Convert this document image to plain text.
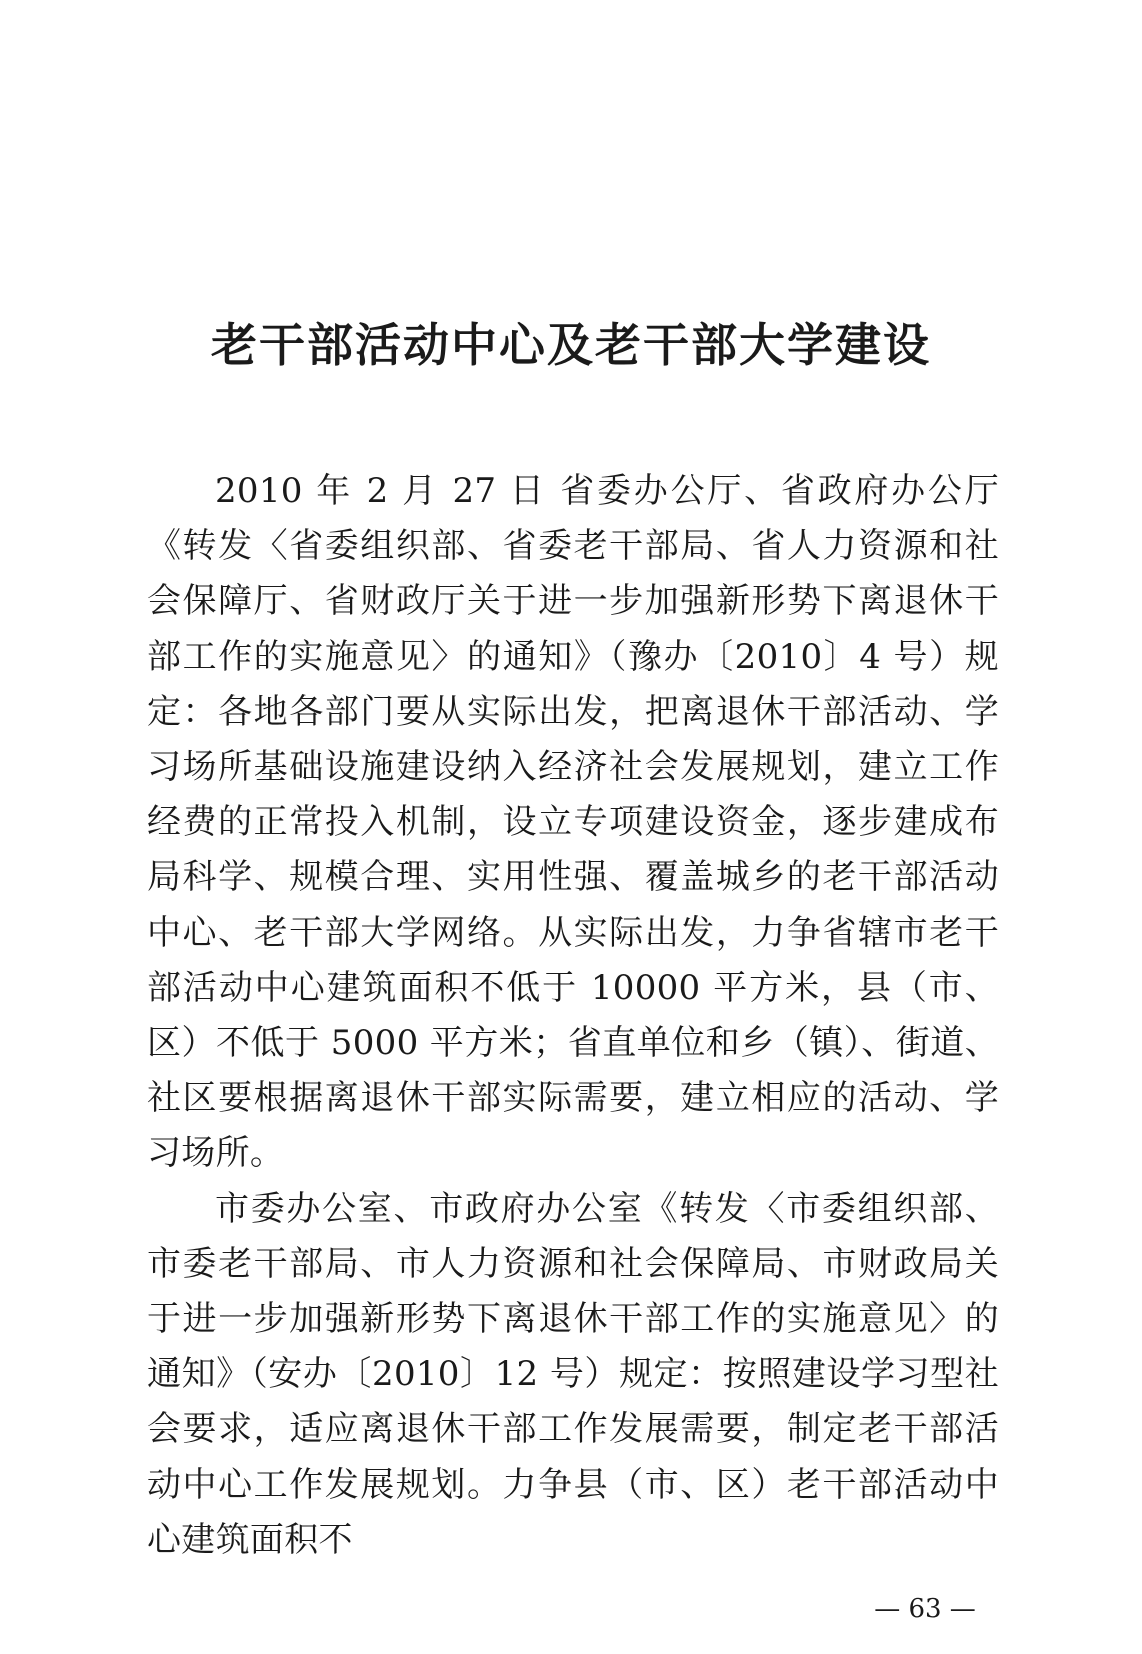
老干部活动中心及老干部大学建设

2010 年 2 月 27 日 省委办公厅、省政府办公厅《转发〈省委组织部、省委老干部局、省人力资源和社会保障厅、省财政厅关于进一步加强新形势下离退休干部工作的实施意见〉的通知》（豫办〔2010〕4 号）规定：各地各部门要从实际出发，把离退休干部活动、学习场所基础设施建设纳入经济社会发展规划，建立工作经费的正常投入机制，设立专项建设资金，逐步建成布局科学、规模合理、实用性强、覆盖城乡的老干部活动中心、老干部大学网络。从实际出发，力争省辖市老干部活动中心建筑面积不低于 10000 平方米，县（市、区）不低于 5000 平方米；省直单位和乡（镇）、街道、社区要根据离退休干部实际需要，建立相应的活动、学习场所。

市委办公室、市政府办公室《转发〈市委组织部、市委老干部局、市人力资源和社会保障局、市财政局关于进一步加强新形势下离退休干部工作的实施意见〉的通知》（安办〔2010〕12 号）规定：按照建设学习型社会要求，适应离退休干部工作发展需要，制定老干部活动中心工作发展规划。力争县（市、区）老干部活动中心建筑面积不

— 63 —
